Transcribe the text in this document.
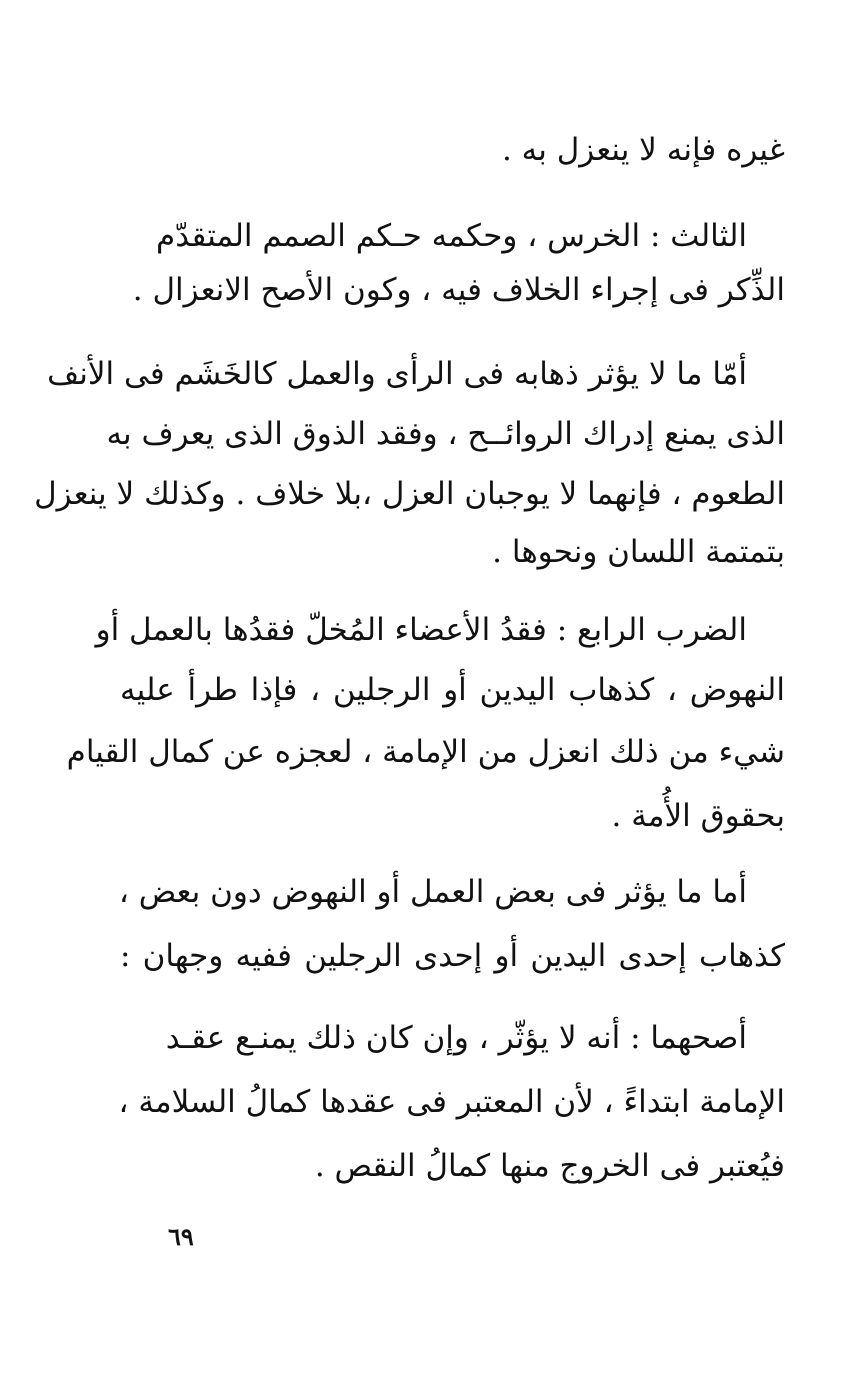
غيره فإنه لا ينعزل به .
الثالث : الخرس ، وحكمه حـكم الصمم المتقدّم
الذِّكر فى إجراء الخلاف فيه ، وكون الأصح الانعزال .
أمّا ما لا يؤثر ذهابه فى الرأى والعمل كالخَشَم فى الأنف
الذى يمنع إدراك الروائــح ، وفقد الذوق الذى يعرف به
الطعوم ، فإنهما لا يوجبان العزل ،بلا خلاف . وكذلك لا ينعزل
بتمتمة اللسان ونحوها .
الضرب الرابع : فقدُ الأعضاء المُخلّ فقدُها بالعمل أو
النهوض ، كذهاب اليدين أو الرجلين ، فإذا طرأ عليه
شيء من ذلك انعزل من الإمامة ، لعجزه عن كمال القيام
بحقوق الأُمة .
أما ما يؤثر فى بعض العمل أو النهوض دون بعض ،
كذهاب إحدى اليدين أو إحدى الرجلين ففيه وجهان :
أصحهما : أنه لا يؤثّر ، وإن كان ذلك يمنـع عقـد
الإمامة ابتداءً ، لأن المعتبر فى عقدها كمالُ السلامة ،
فيُعتبر فى الخروج منها كمالُ النقص .
٦٩
